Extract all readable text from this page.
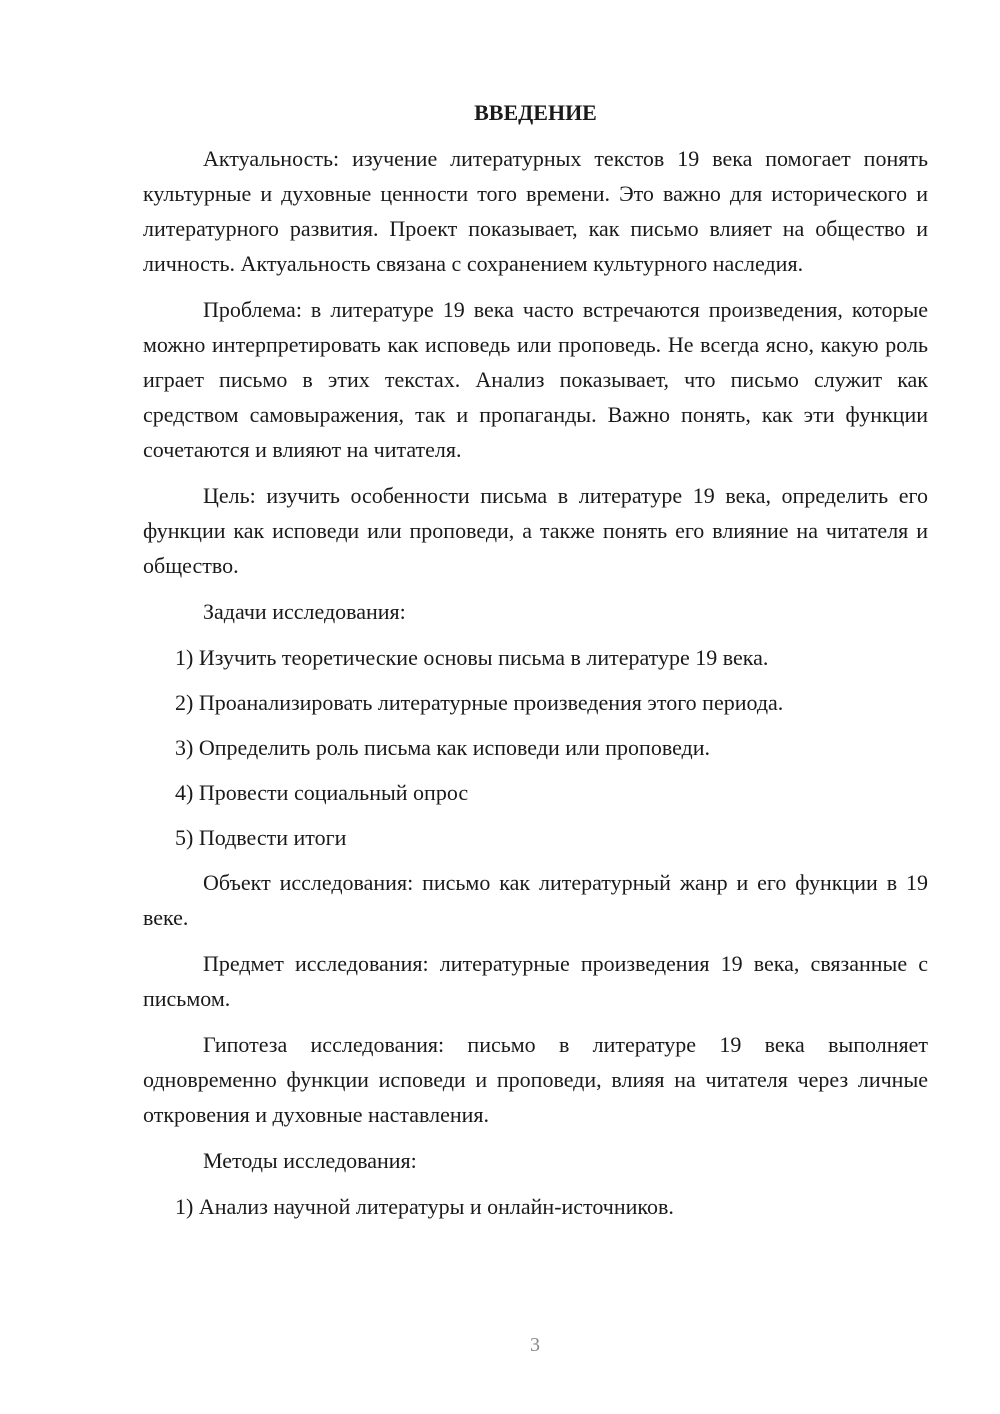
ВВЕДЕНИЕ

Актуальность: изучение литературных текстов 19 века помогает понять культурные и духовные ценности того времени. Это важно для исторического и литературного развития. Проект показывает, как письмо влияет на общество и личность. Актуальность связана с сохранением культурного наследия.

Проблема: в литературе 19 века часто встречаются произведения, которые можно интерпретировать как исповедь или проповедь. Не всегда ясно, какую роль играет письмо в этих текстах. Анализ показывает, что письмо служит как средством самовыражения, так и пропаганды. Важно понять, как эти функции сочетаются и влияют на читателя.

Цель: изучить особенности письма в литературе 19 века, определить его функции как исповеди или проповеди, а также понять его влияние на читателя и общество.

Задачи исследования:

1) Изучить теоретические основы письма в литературе 19 века.
2) Проанализировать литературные произведения этого периода.
3) Определить роль письма как исповеди или проповеди.
4) Провести социальный опрос
5) Подвести итоги

Объект исследования: письмо как литературный жанр и его функции в 19 веке.

Предмет исследования: литературные произведения 19 века, связанные с письмом.

Гипотеза исследования: письмо в литературе 19 века выполняет одновременно функции исповеди и проповеди, влияя на читателя через личные откровения и духовные наставления.

Методы исследования:

1) Анализ научной литературы и онлайн-источников.
3
